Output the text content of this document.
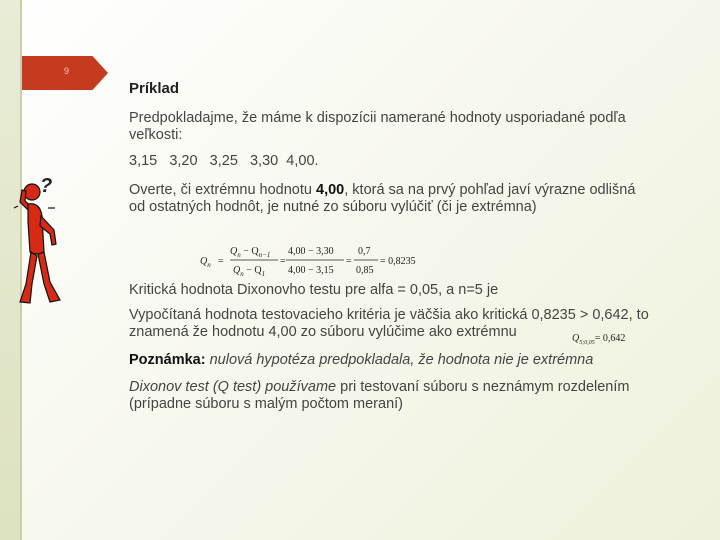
9
Príklad
Predpokladajme, že máme k dispozícii namerané hodnoty usporiadané podľa veľkosti:
3,15 3,20 3,25 3,30 4,00.
Overte, či extrémnu hodnotu 4,00, ktorá sa na prvý pohľad javí výrazne odlišná od ostatných hodnôt, je nutné zo súboru vylúčiť (či je extrémna)
?
$Q_n$ =
$Q_n - Q_{n-1}$
$Q_n - Q_1$
=
4,00 − 3,30
4,00 − 3,15
=
0,7
0,85
= 0,8235
Kritická hodnota Dixonovho testu pre alfa = 0,05, a n=5 je
Vypočítaná hodnota testovacieho kritéria je väčšia ako kritická 0,8235 > 0,642, to znamená že hodnotu 4,00 zo súboru vylúčime ako extrémnu	$Q_{5;0,05}= 0,642$
Poznámka: nulová hypotéza predpokladala, že hodnota nie je extrémna
Dixonov test (Q test) používame pri testovaní súboru s neznámym rozdelením (prípadne súboru s malým počtom meraní)
